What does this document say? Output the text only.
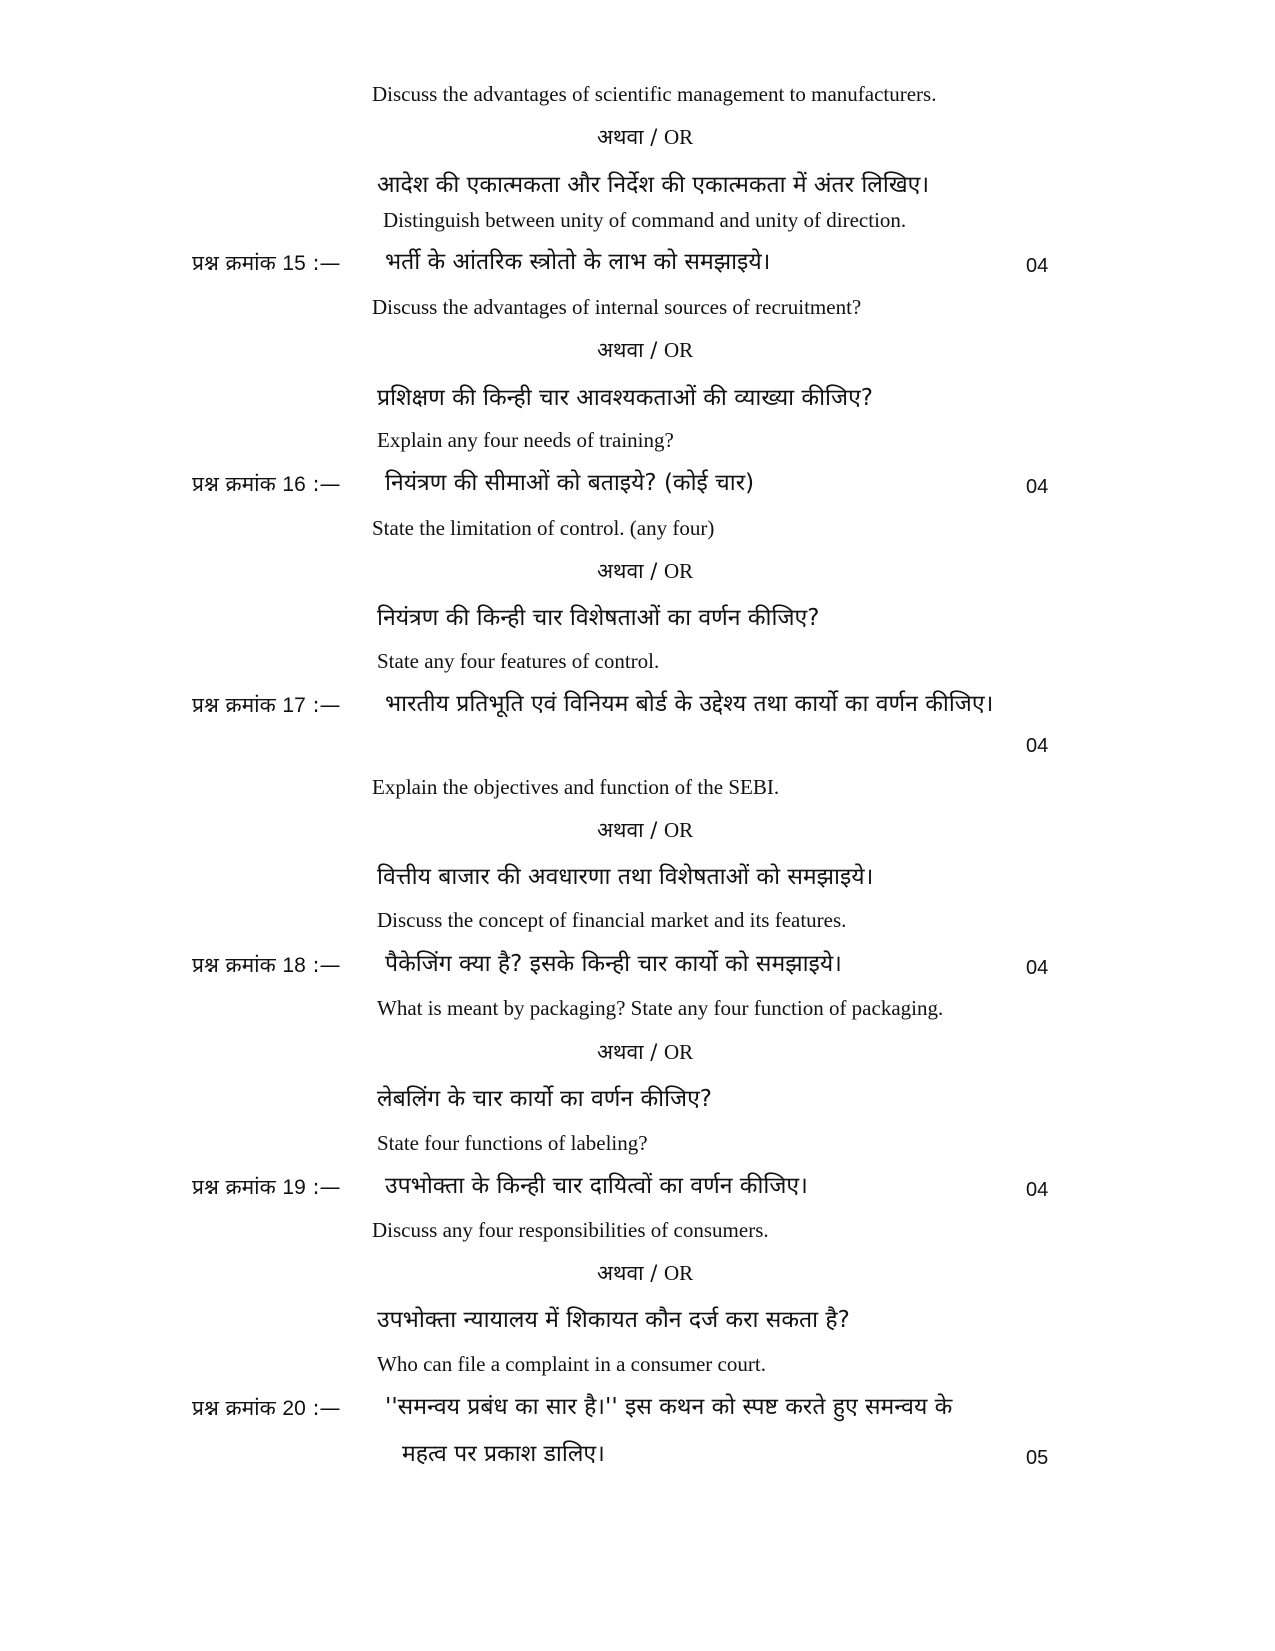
Discuss the advantages of scientific management to manufacturers.
अथवा / OR
आदेश की एकात्मकता और निर्देश की एकात्मकता में अंतर लिखिए।
Distinguish between unity of command and unity of direction.
प्रश्न क्रमांक 15 :— भर्ती के आंतरिक स्त्रोतो के लाभ को समझाइये।	04
Discuss the advantages of internal sources of recruitment?
अथवा / OR
प्रशिक्षण की किन्ही चार आवश्यकताओं की व्याख्या कीजिए?
Explain any four needs of training?
प्रश्न क्रमांक 16 :— नियंत्रण की सीमाओं को बताइये? (कोई चार)	04
State the limitation of control. (any four)
अथवा / OR
नियंत्रण की किन्ही चार विशेषताओं का वर्णन कीजिए?
State any four features of control.
प्रश्न क्रमांक 17 :— भारतीय प्रतिभूति एवं विनियम बोर्ड के उद्देश्य तथा कार्यो का वर्णन कीजिए।
04
Explain the objectives and function of the SEBI.
अथवा / OR
वित्तीय बाजार की अवधारणा तथा विशेषताओं को समझाइये।
Discuss the concept of financial market and its features.
प्रश्न क्रमांक 18 :— पैकेजिंग क्या है? इसके किन्ही चार कार्यो को समझाइये।	04
What is meant by packaging? State any four function of packaging.
अथवा / OR
लेबलिंग के चार कार्यो का वर्णन कीजिए?
State four functions of labeling?
प्रश्न क्रमांक 19 :— उपभोक्ता के किन्ही चार दायित्वों का वर्णन कीजिए।	04
Discuss any four responsibilities of consumers.
अथवा / OR
उपभोक्ता न्यायालय में शिकायत कौन दर्ज करा सकता है?
Who can file a complaint in a consumer court.
प्रश्न क्रमांक 20 :— ''समन्वय प्रबंध का सार है।'' इस कथन को स्पष्ट करते हुए समन्वय के
महत्व पर प्रकाश डालिए।	05
